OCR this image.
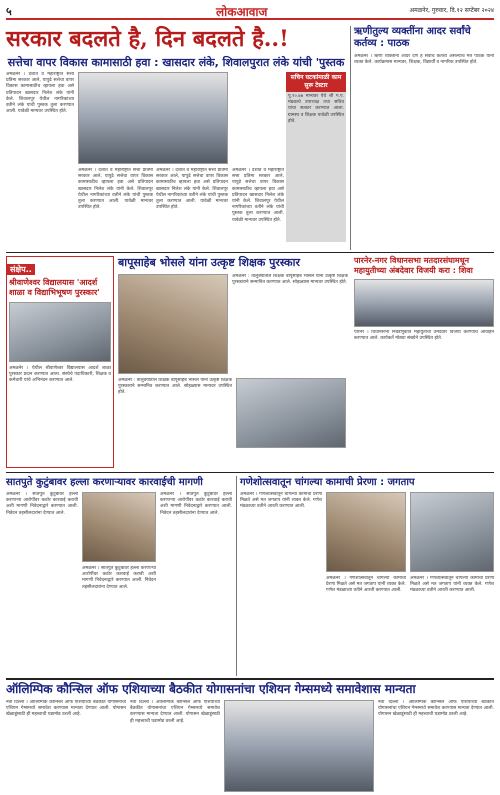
५	लोकआवाज	अमळनेर, गुरुवार, दि.१२ सप्टेंबर २०२४
सरकार बदलते है, दिन बदलते है..!
सत्तेचा वापर विकास कामासाठी हवा : खासदार लंके, शिवालपुरात लंके यांची 'पुस्तक
अमळनेर । देशात व महाराष्ट्रात सत्ता प्रतिमा सरकार आले, यापुढे सत्तेचा वापर विकास कामासाठीच व्हायला हवा असे प्रतिपादन खासदार निलेश लंके यांनी केले. शिवालपूर येथील नागरिकांच्या वतीने लंके यांची पुस्तक तुला करण्यात आली. यावेळी मान्यवर उपस्थित होते.
अमळनेर । देशात व महाराष्ट्रात सत्ता प्रतिमा सरकार आले, यापुढे सत्तेचा वापर विकास कामासाठीच व्हायला हवा असे प्रतिपादन खासदार निलेश लंके यांनी केले. शिवालपूर येथील नागरिकांच्या वतीने लंके यांची पुस्तक तुला करण्यात आली. यावेळी मान्यवर उपस्थित होते.
अमळनेर । देशात व महाराष्ट्रात सत्ता प्रतिमा सरकार आले, यापुढे सत्तेचा वापर विकास कामासाठीच व्हायला हवा असे प्रतिपादन खासदार निलेश लंके यांनी केले. शिवालपूर येथील नागरिकांच्या वतीने लंके यांची पुस्तक तुला करण्यात आली. यावेळी मान्यवर उपस्थित होते.
अमळनेर । देशात व महाराष्ट्रात सत्ता प्रतिमा सरकार आले, यापुढे सत्तेचा वापर विकास कामासाठीच व्हायला हवा असे प्रतिपादन खासदार निलेश लंके यांनी केले. शिवालपूर येथील नागरिकांच्या वतीने लंके यांची पुस्तक तुला करण्यात आली. यावेळी मान्यवर उपस्थित होते.
सचिन घटकांमाळी काम सुरू टेस्टार
पू.१०.७७ मान्यवर येथे श्री ग.ए. मंडळाचे उपाध्यक्ष तथा सचिव यांचा सत्कार करण्यात आला. ग्रामस्थ व शिक्षक यावेळी उपस्थित होते.
ऋणीतुल्य व्यक्तींना आदर सर्वांचे कर्तव्य : पाठक
अमळनेर । ऋणी व्यक्तींना आदर देणे हे सर्वांचे कर्तव्य असल्याचे मत पाठक यांनी व्यक्त केले. कार्यक्रमास मान्यवर, शिक्षक, विद्यार्थी व नागरिक उपस्थित होते.
संक्षेप..
श्रीवाणेश्वर विद्यालयास 'आदर्श शाळा व विद्याभिभूषण पुरस्कार'
अमळनेर । येथील श्रीवाणेश्वर विद्यालयास आदर्श शाळा पुरस्कार प्रदान करण्यात आला. संस्थेचे पदाधिकारी, शिक्षक व कर्मचारी यांचे अभिनंदन करण्यात आले.
बापूसाहेब भोसले यांना उत्कृष्ट शिक्षक पुरस्कार
अमळनेर : तालुक्यातील शिक्षक बापूसाहेब भोसले यांना उत्कृष्ट शिक्षक पुरस्काराने सन्मानित करण्यात आले. सोहळ्यास मान्यवर उपस्थित होते.
अमळनेर : तालुक्यातील शिक्षक बापूसाहेब भोसले यांना उत्कृष्ट शिक्षक पुरस्काराने सन्मानित करण्यात आले. सोहळ्यास मान्यवर उपस्थित होते.
पारनेर-नगर विधानसभा मतदारसंघामधून महायुतीच्या अंबदेवार विजयी करा : शिवा
पारनेर । विधानसभा निवडणुकीत महायुतीचा उमेदवार विजयी करण्याचे आवाहन करण्यात आले. कार्यकर्ते मोठ्या संख्येने उपस्थित होते.
सातपुते कुटुंबावर हल्ला करणाऱ्यावर कारवाईची मागणी
अमळनेर । सातपुते कुटुंबावर हल्ला करणाऱ्या आरोपींवर कठोर कारवाई करावी अशी मागणी निवेदनाद्वारे करण्यात आली. निवेदन तहसीलदारांना देण्यात आले.
अमळनेर । सातपुते कुटुंबावर हल्ला करणाऱ्या आरोपींवर कठोर कारवाई करावी अशी मागणी निवेदनाद्वारे करण्यात आली. निवेदन तहसीलदारांना देण्यात आले.
अमळनेर । सातपुते कुटुंबावर हल्ला करणाऱ्या आरोपींवर कठोर कारवाई करावी अशी मागणी निवेदनाद्वारे करण्यात आली. निवेदन तहसीलदारांना देण्यात आले.
गणेशोत्सवातून चांगल्या कामाची प्रेरणा : जगताप
अमळनेर । गणेशोत्सवातून चांगल्या कामाची प्रेरणा मिळते असे मत जगताप यांनी व्यक्त केले. गणेश मंडळाच्या वतीने आरती करण्यात आली.
अमळनेर । गणेशोत्सवातून चांगल्या कामाची प्रेरणा मिळते असे मत जगताप यांनी व्यक्त केले. गणेश मंडळाच्या वतीने आरती करण्यात आली.
अमळनेर । गणेशोत्सवातून चांगल्या कामाची प्रेरणा मिळते असे मत जगताप यांनी व्यक्त केले. गणेश मंडळाच्या वतीने आरती करण्यात आली.
ऑलिम्पिक कौन्सिल ऑफ एशियाच्या बैठकीत योगासनांचा एशियन गेम्समध्ये समावेशास मान्यता
नवी दिल्ली । ऑलिम्पिक कौन्सिल ऑफ एशियाच्या बैठकीत योगासनांचा एशियन गेम्समध्ये समावेश करण्यास मान्यता देण्यात आली. योगासन खेळाडूंसाठी ही महत्त्वाची घडामोड ठरली आहे.
नवी दिल्ली । ऑलिम्पिक कौन्सिल ऑफ एशियाच्या बैठकीत योगासनांचा एशियन गेम्समध्ये समावेश करण्यास मान्यता देण्यात आली. योगासन खेळाडूंसाठी ही महत्त्वाची घडामोड ठरली आहे.
नवी दिल्ली । ऑलिम्पिक कौन्सिल ऑफ एशियाच्या बैठकीत योगासनांचा एशियन गेम्समध्ये समावेश करण्यास मान्यता देण्यात आली. योगासन खेळाडूंसाठी ही महत्त्वाची घडामोड ठरली आहे.
